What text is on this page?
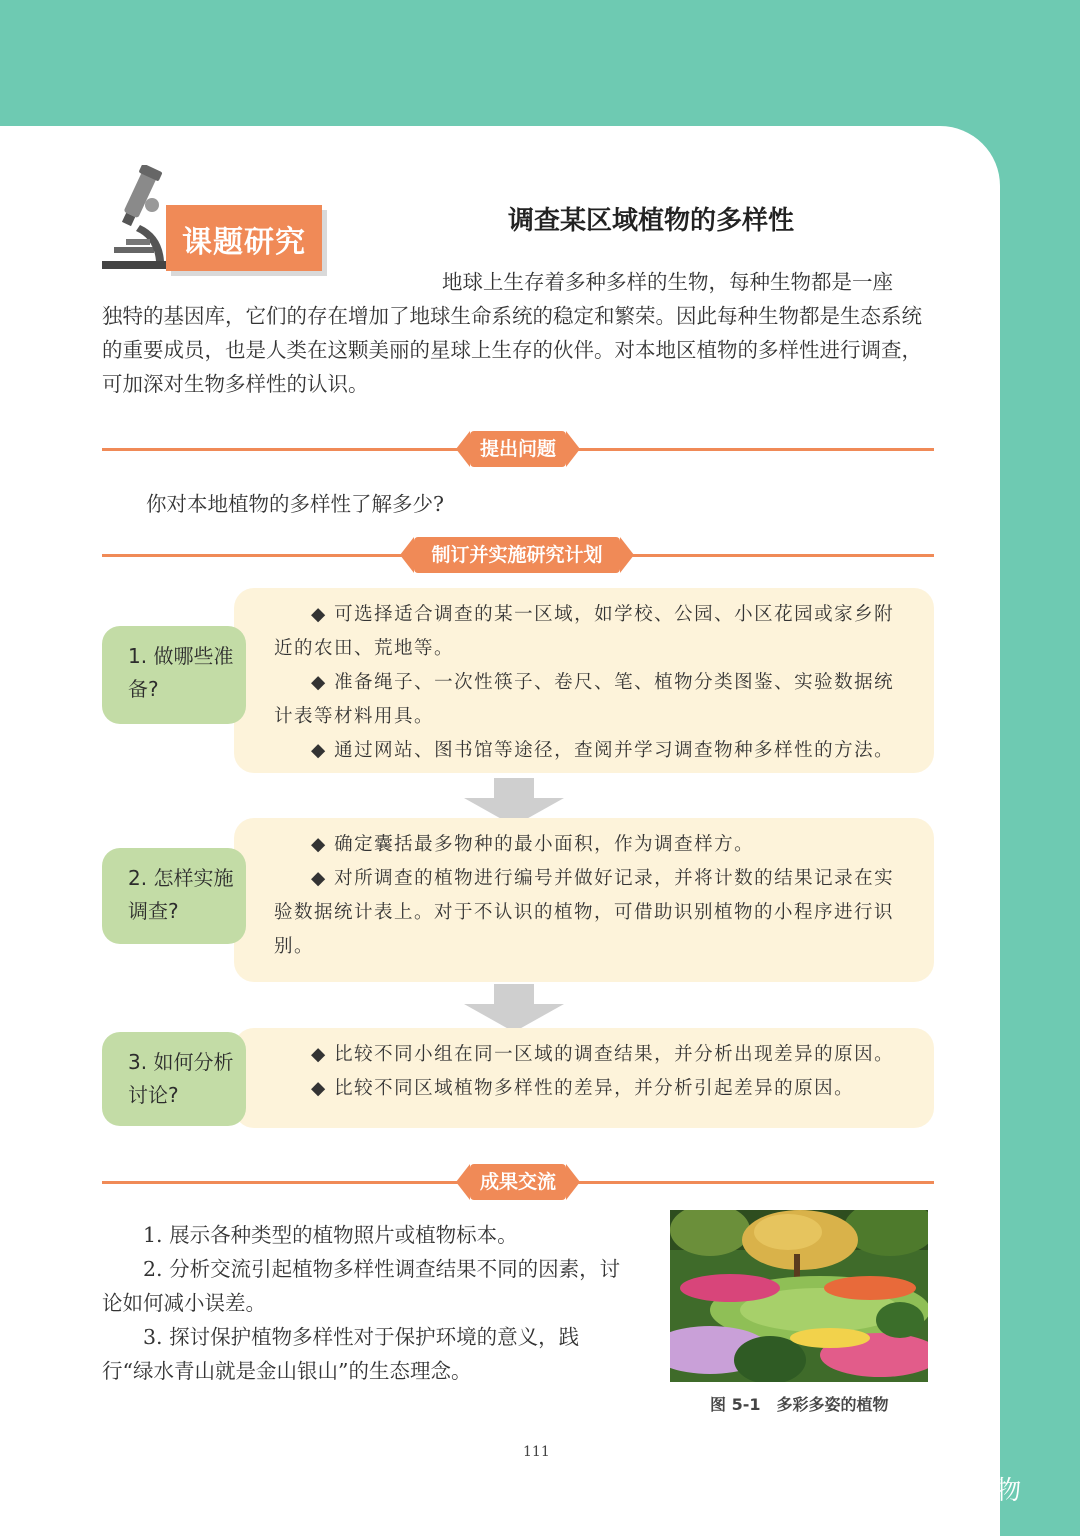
课题研究
调查某区域植物的多样性
地球上生存着多种多样的生物，每种生物都是一座
独特的基因库，它们的存在增加了地球生命系统的稳定和繁荣。因此每种生物都是生态系统的重要成员，也是人类在这颗美丽的星球上生存的伙伴。对本地区植物的多样性进行调查，可加深对生物多样性的认识。
提出问题
你对本地植物的多样性了解多少?
制订并实施研究计划

◆ 可选择适合调查的某一区域，如学校、公园、小区花园或家乡附近的农田、荒地等。

◆ 准备绳子、一次性筷子、卷尺、笔、植物分类图鉴、实验数据统计表等材料用具。

◆ 通过网站、图书馆等途径，查阅并学习调查物种多样性的方法。

1. 做哪些准备?

◆ 确定囊括最多物种的最小面积，作为调查样方。

◆ 对所调查的植物进行编号并做好记录，并将计数的结果记录在实验数据统计表上。对于不认识的植物，可借助识别植物的小程序进行识别。

2. 怎样实施调查?

◆ 比较不同小组在同一区域的调查结果，并分析出现差异的原因。

◆ 比较不同区域植物多样性的差异，并分析引起差异的原因。

3. 如何分析讨论?
成果交流

1. 展示各种类型的植物照片或植物标本。

2. 分析交流引起植物多样性调查结果不同的因素，讨论如何减小误差。

3. 探讨保护植物多样性对于保护环境的意义，践行“绿水青山就是金山银山”的生态理念。

图 5-1　多彩多姿的植物
111
◔ 枫梓生物
